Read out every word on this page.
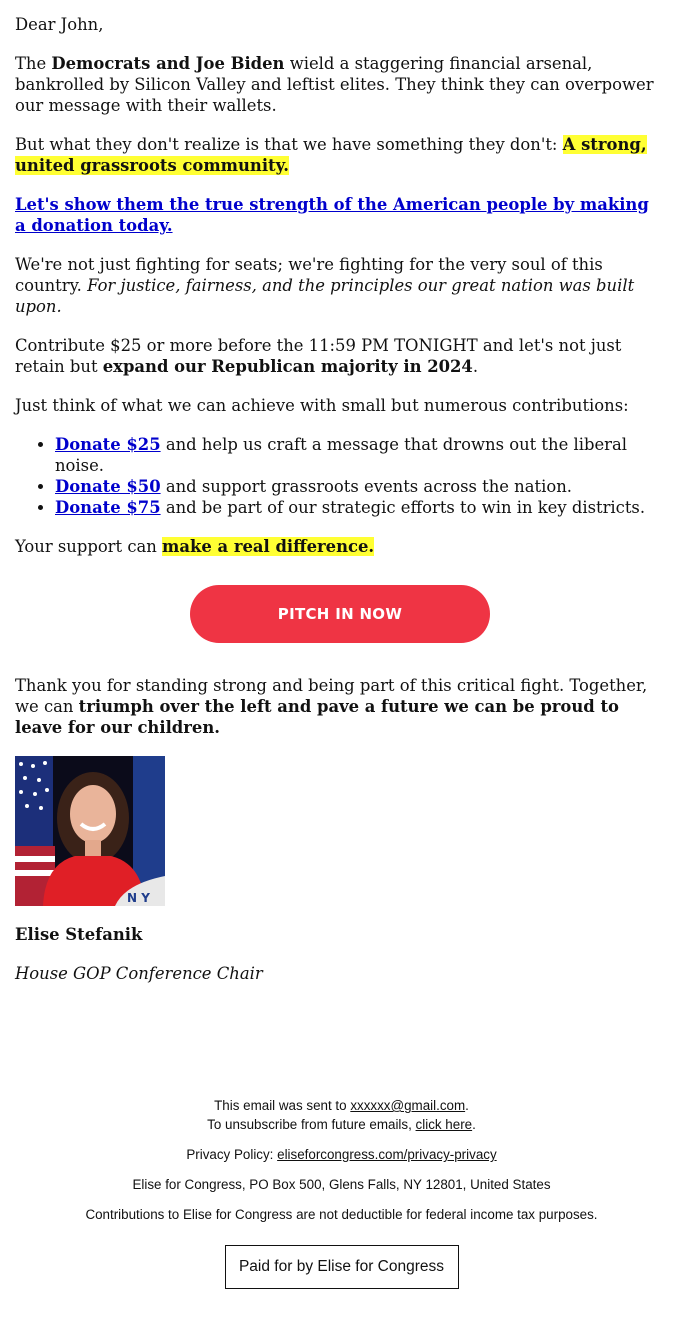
Dear John,

The Democrats and Joe Biden wield a staggering financial arsenal, bankrolled by Silicon Valley and leftist elites. They think they can overpower our message with their wallets.

But what they don't realize is that we have something they don't: A strong, united grassroots community.

Let's show them the true strength of the American people by making a donation today.

We're not just fighting for seats; we're fighting for the very soul of this country. For justice, fairness, and the principles our great nation was built upon.

Contribute $25 or more before the 11:59 PM TONIGHT and let's not just retain but expand our Republican majority in 2024.

Just think of what we can achieve with small but numerous contributions:

• Donate $25 and help us craft a message that drowns out the liberal noise.
• Donate $50 and support grassroots events across the nation.
• Donate $75 and be part of our strategic efforts to win in key districts.

Your support can make a real difference.

PITCH IN NOW

Thank you for standing strong and being part of this critical fight. Together, we can triumph over the left and pave a future we can be proud to leave for our children.

N Y

Elise Stefanik

House GOP Conference Chair

This email was sent to xxxxxx@gmail.com.
To unsubscribe from future emails, click here.

Privacy Policy: eliseforcongress.com/privacy-privacy

Elise for Congress, PO Box 500, Glens Falls, NY 12801, United States

Contributions to Elise for Congress are not deductible for federal income tax purposes.

Paid for by Elise for Congress
